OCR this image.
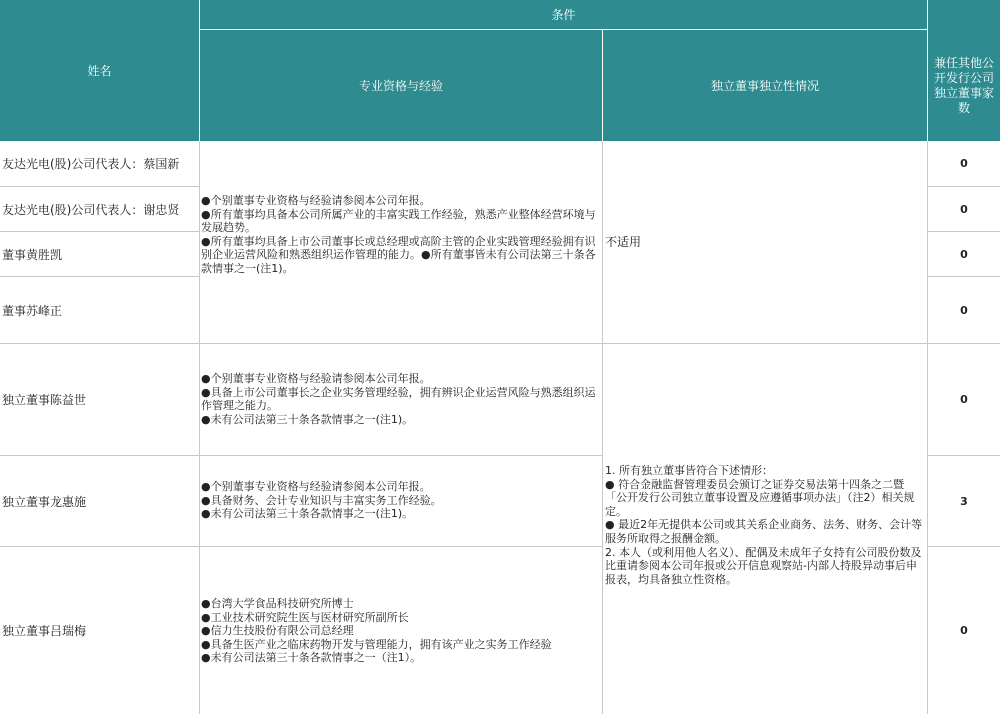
姓名
条件
专业资格与经验	独立董事独立性情况
兼任其他公开发行公司独立董事家数
友达光电(股)公司代表人：蔡国新
友达光电(股)公司代表人：谢忠贤
董事黄胜凯
董事苏峰正
独立董事陈益世
独立董事龙惠施
独立董事吕瑞梅
0
0
0
0
0
3
0

●个别董事专业资格与经验请参阅本公司年报。

●所有董事均具备本公司所属产业的丰富实践工作经验，熟悉产业整体经营环境与发展趋势。

●所有董事均具备上市公司董事长或总经理或高阶主管的企业实践管理经验拥有识别企业运营风险和熟悉组织运作管理的能力。●所有董事皆未有公司法第三十条各款情事之一(注1)。

不适用

●个别董事专业资格与经验请参阅本公司年报。

●具备上市公司董事长之企业实务管理经验，拥有辨识企业运营风险与熟悉组织运作管理之能力。

●未有公司法第三十条各款情事之一(注1)。

●个别董事专业资格与经验请参阅本公司年报。

●具备财务、会计专业知识与丰富实务工作经验。

●未有公司法第三十条各款情事之一(注1)。

●台湾大学食品科技研究所博士

●工业技术研究院生医与医材研究所副所长

●信力生技股份有限公司总经理

●具备生医产业之临床药物开发与管理能力，拥有该产业之实务工作经验

●未有公司法第三十条各款情事之一（注1）。

1. 所有独立董事皆符合下述情形：

● 符合金融监督管理委员会颁订之证券交易法第十四条之二暨「公开发行公司独立董事设置及应遵循事项办法」（注2）相关规定。

● 最近2年无提供本公司或其关系企业商务、法务、财务、会计等服务所取得之报酬金额。

2. 本人（或利用他人名义）、配偶及未成年子女持有公司股份数及比重请参阅本公司年报或公开信息观察站-内部人持股异动事后申报表，均具备独立性资格。
